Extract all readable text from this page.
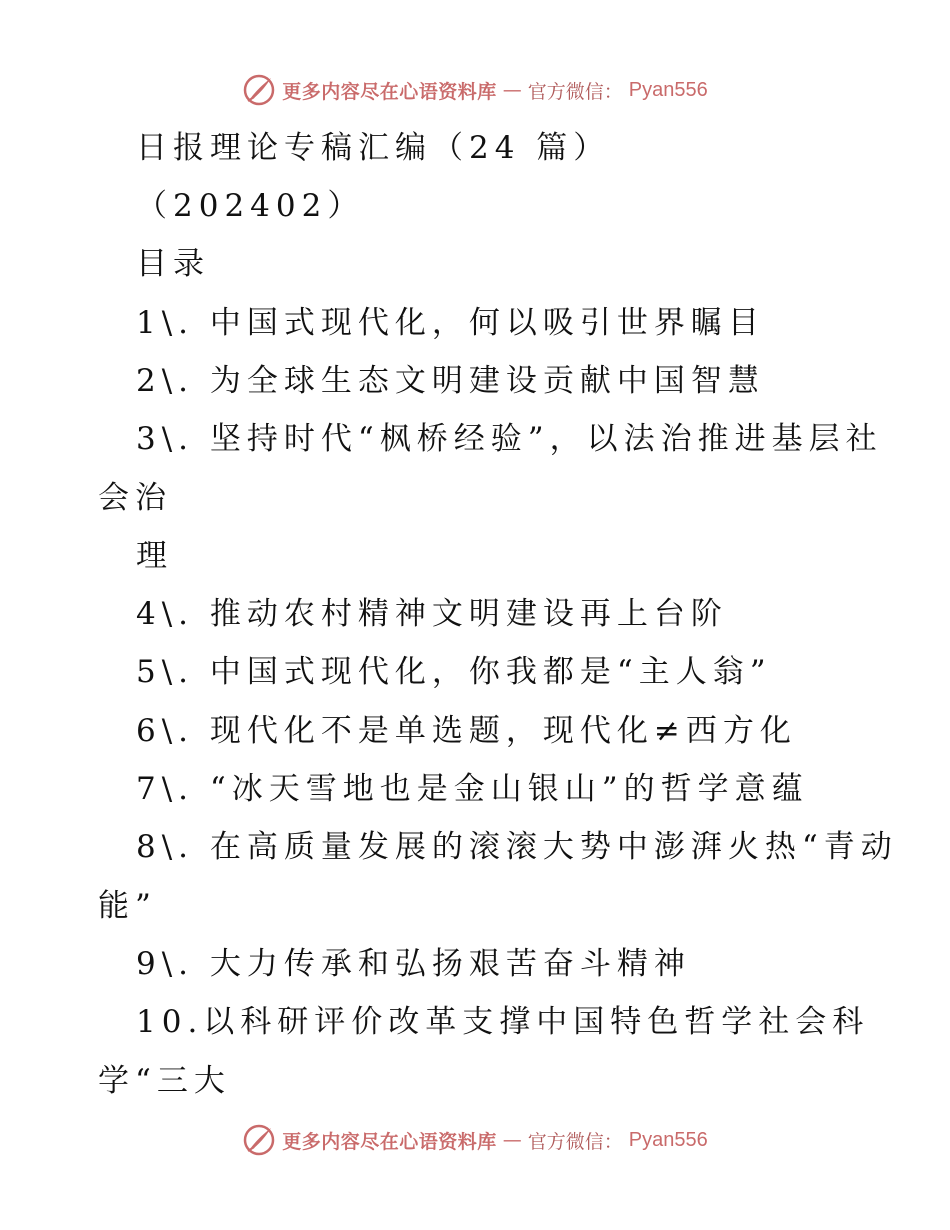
更多内容尽在心语资料库 — 官方微信： Pyan556
日报理论专稿汇编（24 篇）
（202402）
目录
1\. 中国式现代化，何以吸引世界瞩目
2\. 为全球生态文明建设贡献中国智慧
3\. 坚持时代“枫桥经验”，以法治推进基层社
会治
理
4\. 推动农村精神文明建设再上台阶
5\. 中国式现代化，你我都是“主人翁”
6\. 现代化不是单选题，现代化≠西方化
7\. “冰天雪地也是金山银山”的哲学意蕴
8\. 在高质量发展的滚滚大势中澎湃火热“青动
能”
9\. 大力传承和弘扬艰苦奋斗精神
10.以科研评价改革支撑中国特色哲学社会科
学“三大
更多内容尽在心语资料库 — 官方微信： Pyan556
